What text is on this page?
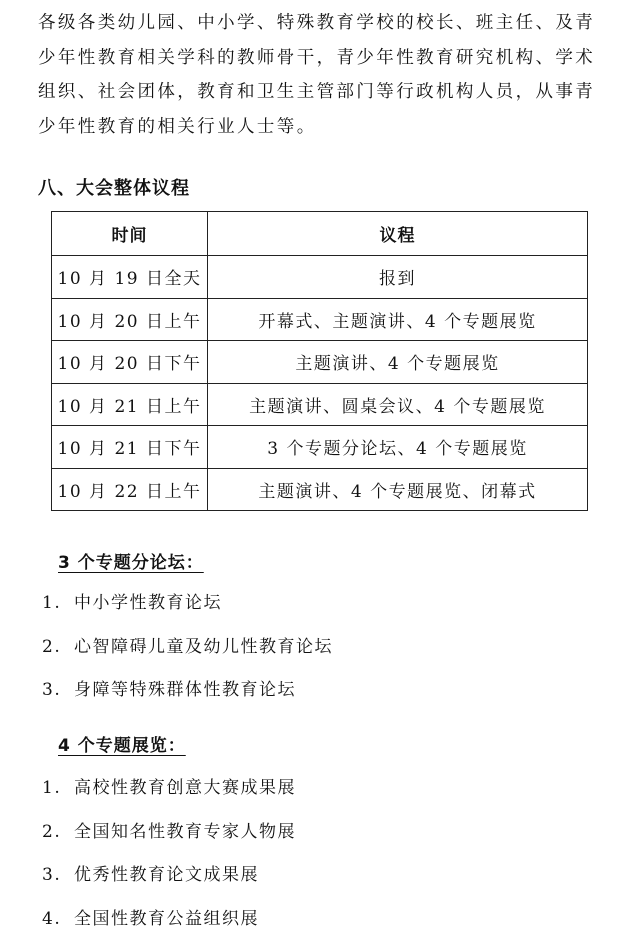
各级各类幼儿园、中小学、特殊教育学校的校长、班主任、及青
少年性教育相关学科的教师骨干，青少年性教育研究机构、学术
组织、社会团体，教育和卫生主管部门等行政机构人员，从事青
少年性教育的相关行业人士等。
八、大会整体议程
时间	议程
10 月 19 日全天	报到
10 月 20 日上午	开幕式、主题演讲、4 个专题展览
10 月 20 日下午	主题演讲、4 个专题展览
10 月 21 日上午	主题演讲、圆桌会议、4 个专题展览
10 月 21 日下午	3 个专题分论坛、4 个专题展览
10 月 22 日上午	主题演讲、4 个专题展览、闭幕式
3 个专题分论坛：
1. 中小学性教育论坛
2. 心智障碍儿童及幼儿性教育论坛
3. 身障等特殊群体性教育论坛
4 个专题展览：
1. 高校性教育创意大赛成果展
2. 全国知名性教育专家人物展
3. 优秀性教育论文成果展
4. 全国性教育公益组织展
